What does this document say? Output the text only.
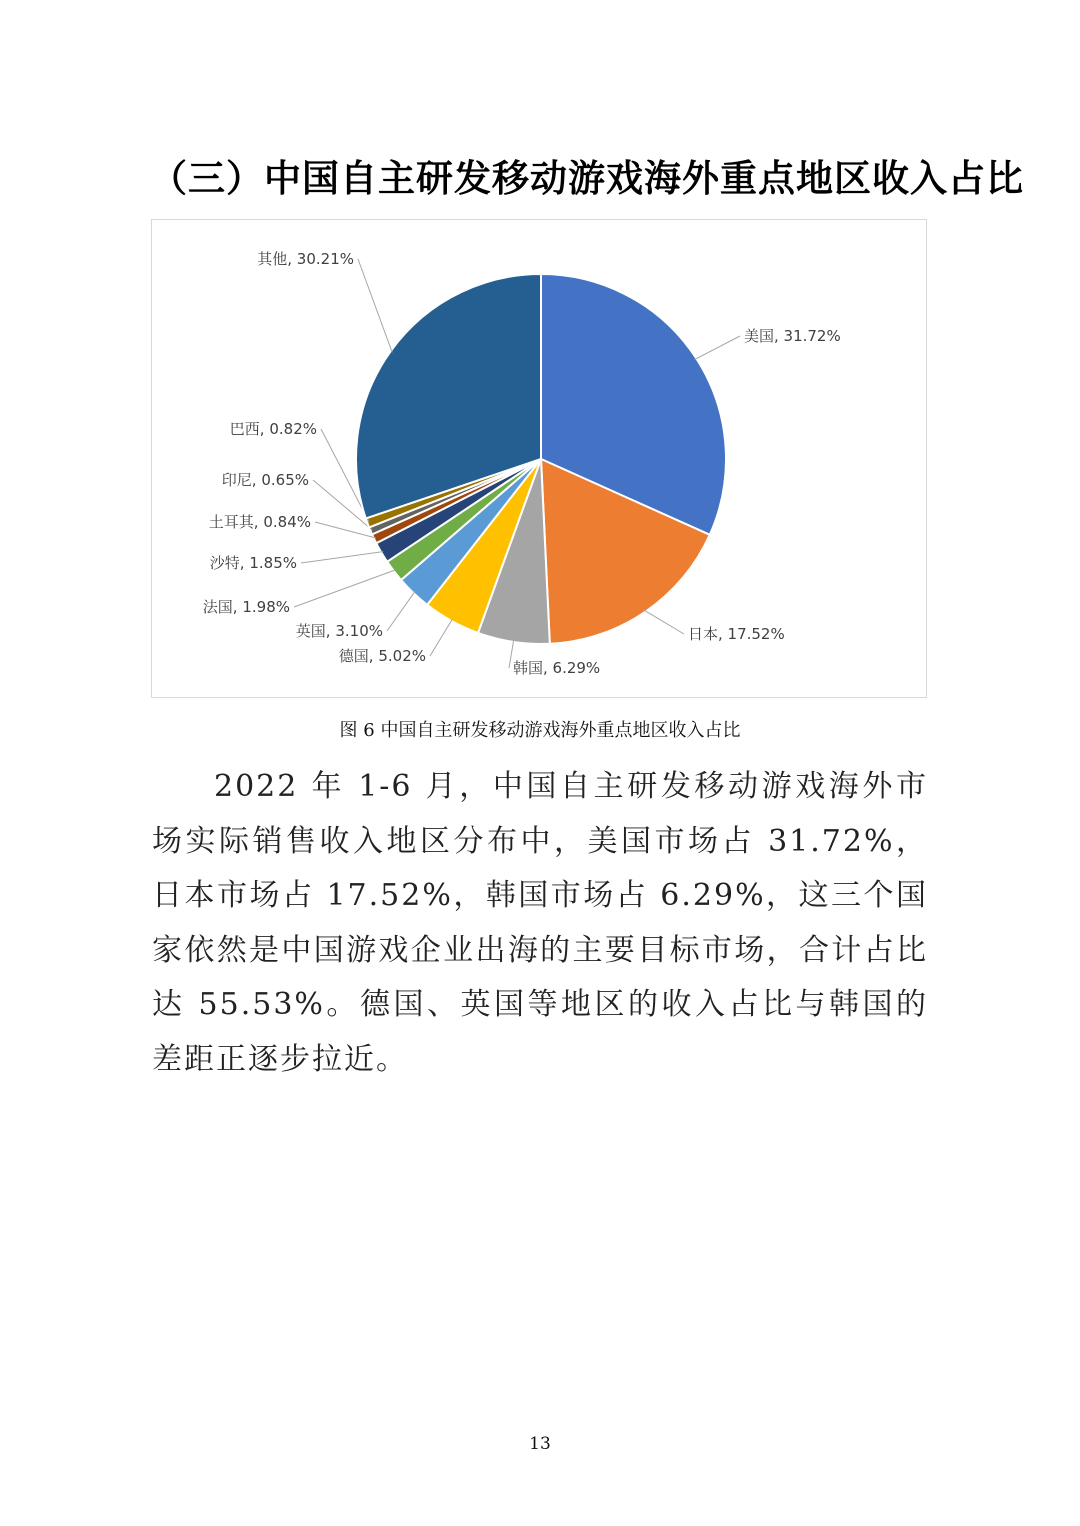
（三）中国自主研发移动游戏海外重点地区收入占比
美国, 31.72%
日本, 17.52%
韩国, 6.29%
德国, 5.02%
英国, 3.10%
法国, 1.98%
沙特, 1.85%
土耳其, 0.84%
印尼, 0.65%
巴西, 0.82%
其他, 30.21%
图 6 中国自主研发移动游戏海外重点地区收入占比

2022 年 1-6 月，中国自主研发移动游戏海外市场实际销售收入地区分布中，美国市场占 31.72%，日本市场占 17.52%，韩国市场占 6.29%，这三个国家依然是中国游戏企业出海的主要目标市场，合计占比达 55.53%。德国、英国等地区的收入占比与韩国的差距正逐步拉近。

13
